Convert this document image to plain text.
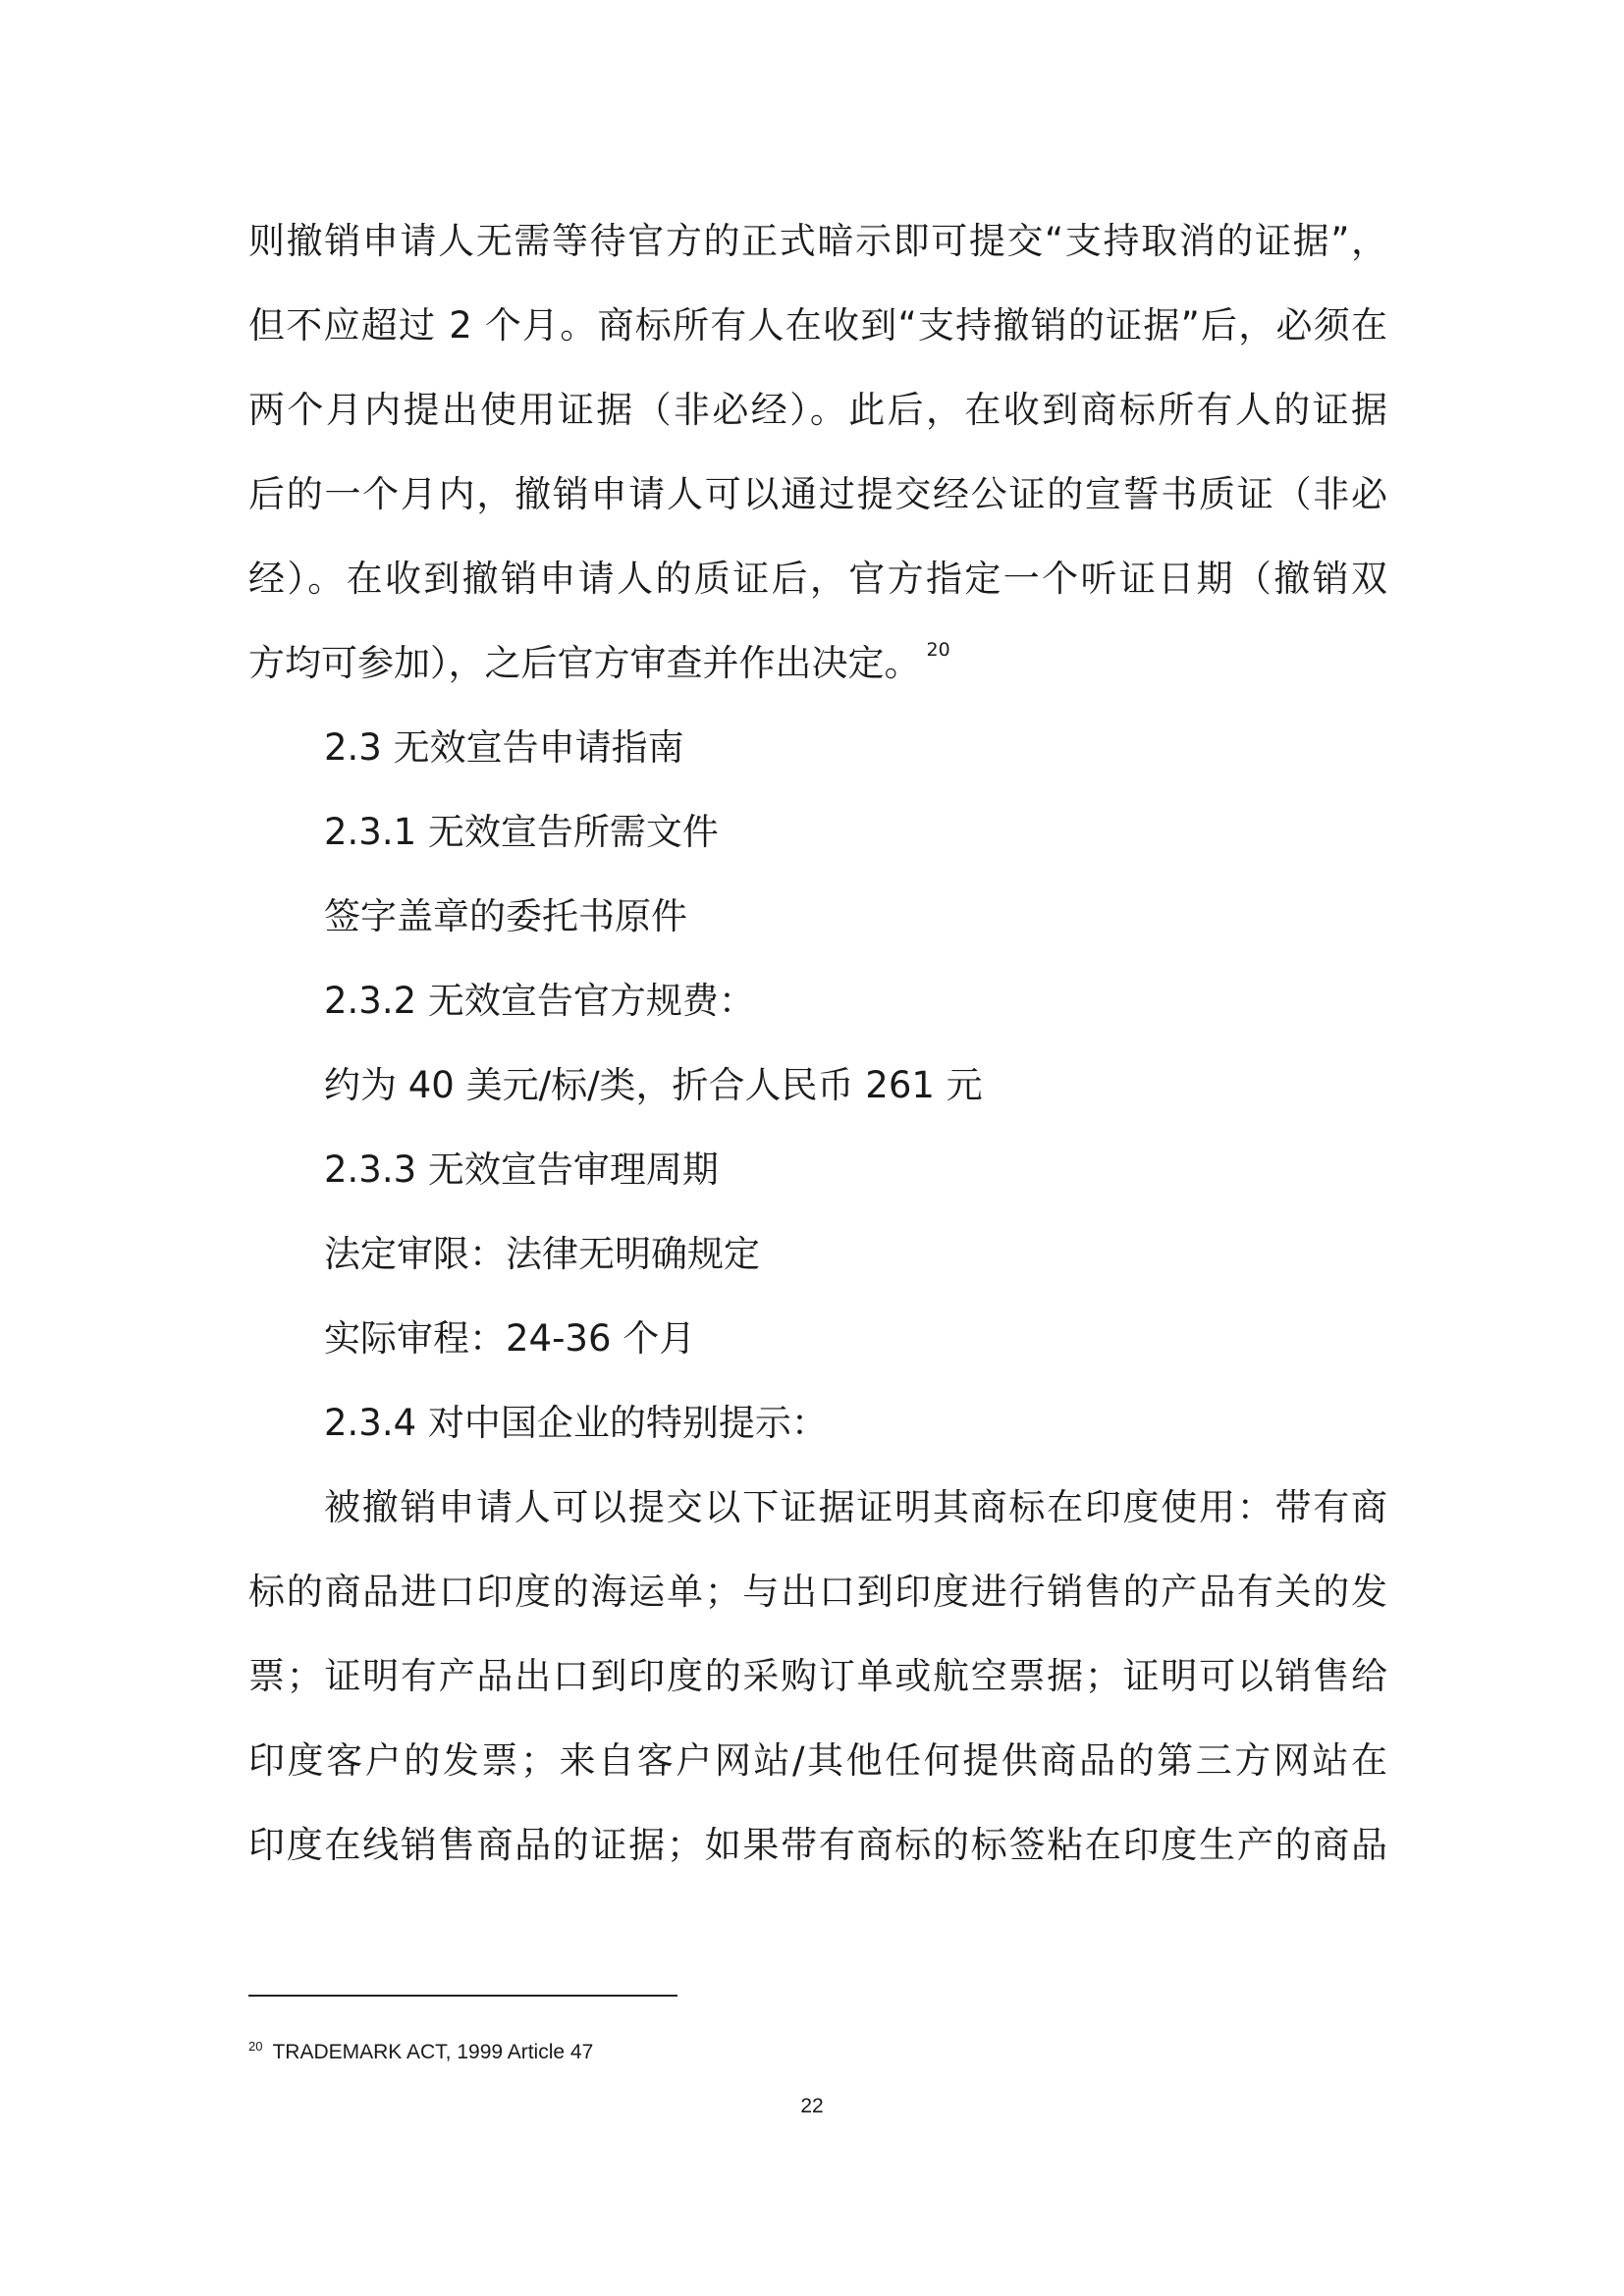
则撤销申请人无需等待官方的正式暗示即可提交“支持取消的证据”，
但不应超过 2 个月。商标所有人在收到“支持撤销的证据”后，必须在
两个月内提出使用证据（非必经）。此后，在收到商标所有人的证据
后的一个月内，撤销申请人可以通过提交经公证的宣誓书质证（非必
经）。在收到撤销申请人的质证后，官方指定一个听证日期（撤销双
方均可参加），之后官方审查并作出决定。 $^{20}$
2.3 无效宣告申请指南
2.3.1 无效宣告所需文件
签字盖章的委托书原件
2.3.2 无效宣告官方规费：
约为 40 美元/标/类，折合人民币 261 元
2.3.3 无效宣告审理周期
法定审限：法律无明确规定
实际审程：24-36 个月
2.3.4 对中国企业的特别提示：
被撤销申请人可以提交以下证据证明其商标在印度使用：带有商
标的商品进口印度的海运单；与出口到印度进行销售的产品有关的发
票；证明有产品出口到印度的采购订单或航空票据；证明可以销售给
印度客户的发票；来自客户网站/其他任何提供商品的第三方网站在
印度在线销售商品的证据；如果带有商标的标签粘在印度生产的商品
$^{20}$ TRADEMARK ACT, 1999 Article 47
22
